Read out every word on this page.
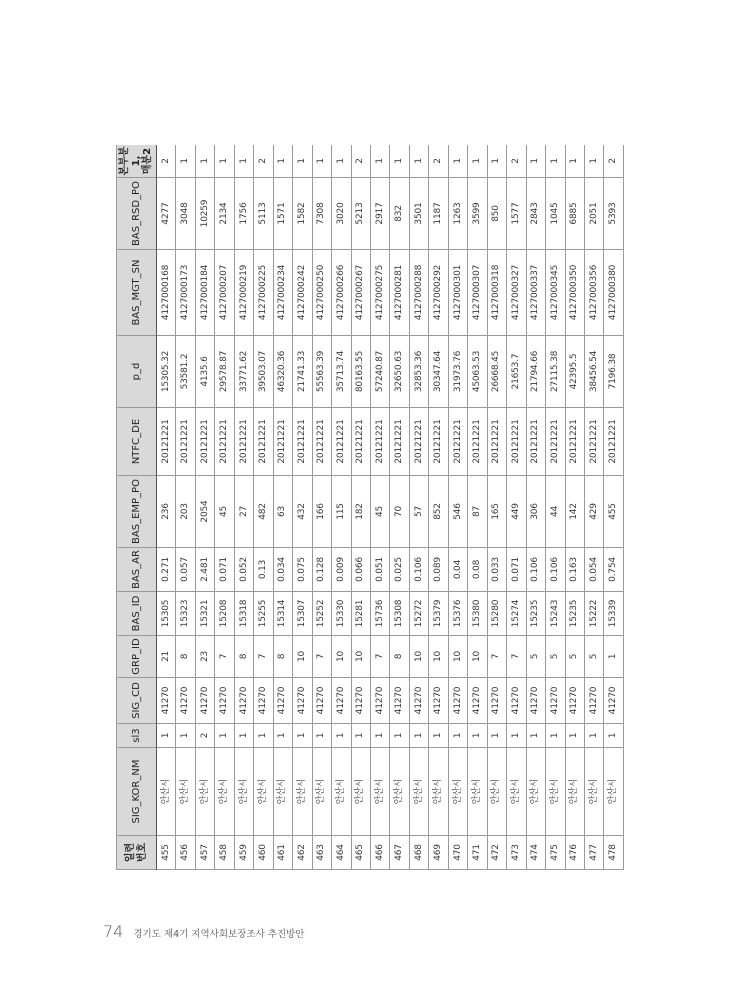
일련
번호	SIG_KOR_NM	sl3	SIG_CD	GRP_ID	BAS_ID	BAS_AR	BAS_EMP_PO	NTFC_DE	p_d	BAS_MGT_SN	BAS_RSD_PO	본부분1,
매분2
455	안산시	1	41270	21	15305	0.271	236	20121221	15305.32	4127000168	4277	2
456	안산시	1	41270	8	15323	0.057	203	20121221	53581.2	4127000173	3048	1
457	안산시	2	41270	23	15321	2.481	2054	20121221	4135.6	4127000184	10259	1
458	안산시	1	41270	7	15208	0.071	45	20121221	29578.87	4127000207	2134	1
459	안산시	1	41270	8	15318	0.052	27	20121221	33771.62	4127000219	1756	1
460	안산시	1	41270	7	15255	0.13	482	20121221	39503.07	4127000225	5113	2
461	안산시	1	41270	8	15314	0.034	63	20121221	46320.36	4127000234	1571	1
462	안산시	1	41270	10	15307	0.075	432	20121221	21741.33	4127000242	1582	1
463	안산시	1	41270	7	15252	0.128	166	20121221	55563.39	4127000250	7308	1
464	안산시	1	41270	10	15330	0.009	115	20121221	35713.74	4127000266	3020	1
465	안산시	1	41270	10	15281	0.066	182	20121221	80163.55	4127000267	5213	2
466	안산시	1	41270	7	15736	0.051	45	20121221	57240.87	4127000275	2917	1
467	안산시	1	41270	8	15308	0.025	70	20121221	32650.63	4127000281	832	1
468	안산시	1	41270	10	15272	0.106	57	20121221	32853.36	4127000288	3501	1
469	안산시	1	41270	10	15379	0.089	852	20121221	30347.64	4127000292	1187	2
470	안산시	1	41270	10	15376	0.04	546	20121221	31973.76	4127000301	1263	1
471	안산시	1	41270	10	15380	0.08	87	20121221	45063.53	4127000307	3599	1
472	안산시	1	41270	7	15280	0.033	165	20121221	26668.45	4127000318	850	1
473	안산시	1	41270	7	15274	0.071	449	20121221	21653.7	4127000327	1577	2
474	안산시	1	41270	5	15235	0.106	306	20121221	21794.66	4127000337	2843	1
475	안산시	1	41270	5	15243	0.106	44	20121221	27115.38	4127000345	1045	1
476	안산시	1	41270	5	15235	0.163	142	20121221	42395.5	4127000350	6885	1
477	안산시	1	41270	5	15222	0.054	429	20121221	38456.54	4127000356	2051	1
478	안산시	1	41270	1	15339	0.754	455	20121221	7196.38	4127000380	5393	2
74 경기도 제4기 지역사회보장조사 추진방안
